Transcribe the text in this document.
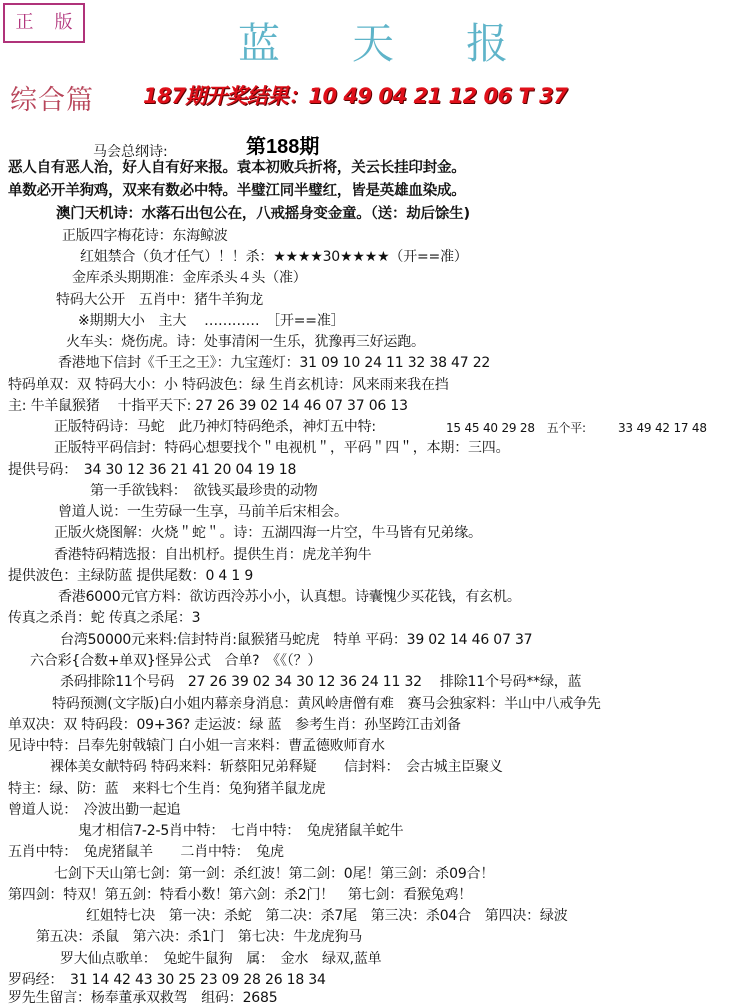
正 版	蓝 天 报
综合篇 187期开奖结果：10 49 04 21 12 06 T 37
马会总纲诗:	第188期
恶人自有恶人治，好人自有好来报。袁本初败兵折将，关云长挂印封金。
单数必开羊狗鸡，双来有数必中特。半璧江同半璧红，皆是英雄血染成。
澳门天机诗：水落石出包公在，八戒摇身变金童。（送：劫后馀生)
正版四字梅花诗：东海鲸波
红姐禁合（负才任气）！！杀：★★★★30★★★★（开==准）
金库杀头期期准：金库杀头４头（准）
特码大公开　五肖中：猪牛羊狗龙
※期期大小　主大　 …………　［开==准］
火车头：烧伤虎。诗：处事清闲一生乐，犹豫再三好运跑。
香港地下信封《千王之王》：九宝莲灯：31 09 10 24 11 32 38 47 22
特码单双：双 特码大小：小 特码波色：绿 生肖玄机诗：风来雨来我在挡
主: 牛羊鼠猴猪　 十指平天下: 27 26 39 02 14 46 07 37 06 13
正版特码诗：马蛇　此乃神灯特码绝杀，神灯五中特:	15 45 40 29 28　五个平:	33 49 42 17 48
正版特平码信封：特码心想要找个＂电视机＂，平码＂四＂，本期：三四。
提供号码：　34 30 12 36 21 41 20 04 19 18
第一手欲钱料：　欲钱买最珍贵的动物
曾道人说：一生劳碌一生享，马前羊后宋相会。
正版火烧图解：火烧＂蛇＂。诗：五湖四海一片空，牛马皆有兄弟缘。
香港特码精选报：自出机杼。提供生肖：虎龙羊狗牛
提供波色：主绿防蓝 提供尾数：0 4 1 9
香港6000元官方料：欲访西泠苏小小，认真想。诗囊愧少买花钱，有玄机。
传真之杀肖：蛇 传真之杀尾：3
台湾50000元来料:信封特肖:鼠猴猪马蛇虎　特单 平码：39 02 14 46 07 37
六合彩{合数+单双}怪异公式　合单?　《《（？）
杀码排除11个号码　27 26 39 02 34 30 12 36 24 11 32　 排除11个号码**绿，蓝
特码预测(文字版)白小姐内幕亲身消息：黄风岭唐僧有难　赛马会独家料：半山中八戒争先
单双决：双 特码段：09+36? 走运波：绿 蓝　参考生肖：孙坚跨江击刘备
见诗中特：吕奉先射戟辕门 白小姐一言来料：曹孟德败师育水
裸体美女献特码 特码来料：斩蔡阳兄弟释疑　　信封料：　会古城主臣聚义
特主：绿、防：蓝　来料七个生肖：兔狗猪羊鼠龙虎
曾道人说：　冷波出勤一起追
鬼才相信7-2-5肖中特：　七肖中特：　兔虎猪鼠羊蛇牛
五肖中特：　兔虎猪鼠羊　　二肖中特：　兔虎
七剑下天山第七剑：第一剑：杀红波！第二剑：0尾！第三剑：杀09合！
第四剑：特双！第五剑：特看小数！第六剑：杀2门！　第七剑：看猴兔鸡！
红姐特七决　第一决：杀蛇　第二决：杀7尾　第三决：杀04合　第四决：绿波
第五决：杀鼠　第六决：杀1门　第七决：牛龙虎狗马
罗大仙点歌单：　兔蛇牛鼠狗　属：　金水　绿双,蓝单
罗码经：　31 14 42 43 30 25 23 09 28 26 18 34
罗先生留言：杨奉董承双救驾　组码：2685
